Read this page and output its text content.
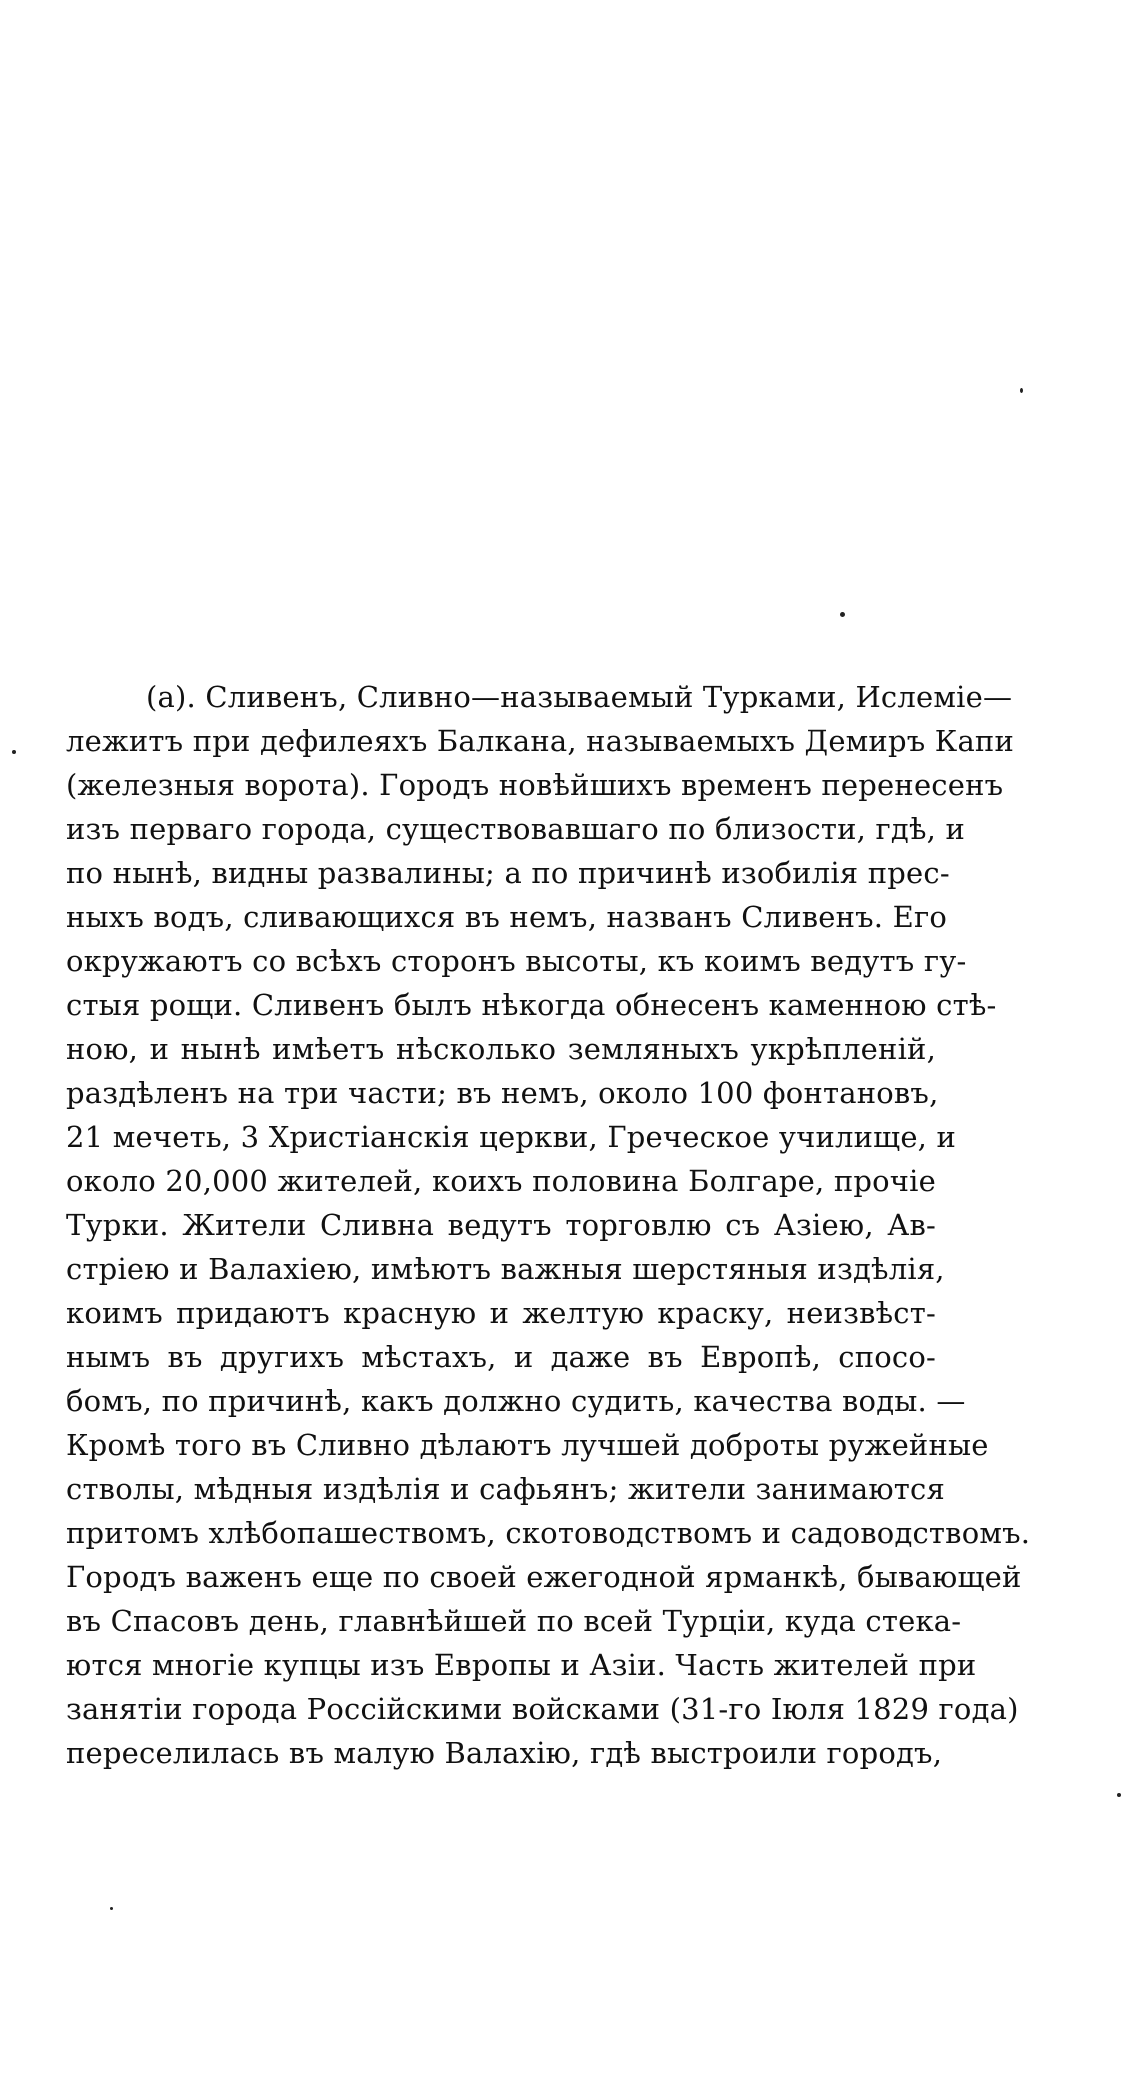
(а). Сливенъ, Сливно—называемый Турками, Ислеміе—
лежитъ при дефилеяхъ Балкана, называемыхъ Демиръ Капи
(железныя ворота). Городъ новѣйшихъ временъ перенесенъ
изъ перваго города, существовавшаго по близости, гдѣ, и
по нынѣ, видны развалины; а по причинѣ изобилія пpec-
ныхъ водъ, сливающихся въ немъ, названъ Сливенъ. Его
окружаютъ со всѣхъ сторонъ высоты, къ коимъ ведутъ гу-
стыя рощи. Сливенъ былъ нѣкогда обнесенъ каменною стѣ-
ною, и нынѣ имѣетъ нѣсколько земляныхъ укрѣпленій,
раздѣленъ на три части; въ немъ, около 100 фонтановъ,
21 мечеть, 3 Христіанскія церкви, Греческое училище, и
около 20,000 жителей, коихъ половина Болгаре, прочіе
Турки. Жители Сливна ведутъ торговлю съ Азіею, Ав-
стріею и Валахіею, имѣютъ важныя шерстяныя издѣлія,
коимъ придаютъ красную и желтую краску, неизвѣст-
нымъ въ другихъ мѣстахъ, и даже въ Европѣ, спосо-
бомъ, по причинѣ, какъ должно судить, качества воды. —
Кромѣ того въ Сливно дѣлаютъ лучшей доброты ружейные
стволы, мѣдныя издѣлія и сафьянъ; жители занимаются
притомъ хлѣбопашествомъ, скотоводствомъ и садоводствомъ.
Городъ важенъ еще по своей ежегодной ярманкѣ, бывающей
въ Спасовъ день, главнѣйшей по всей Турціи, куда стека-
ются многіе купцы изъ Европы и Азіи. Часть жителей при
занятіи города Россійскими войсками (31-го Іюля 1829 года)
переселилась въ малую Валахію, гдѣ выстроили городъ,
